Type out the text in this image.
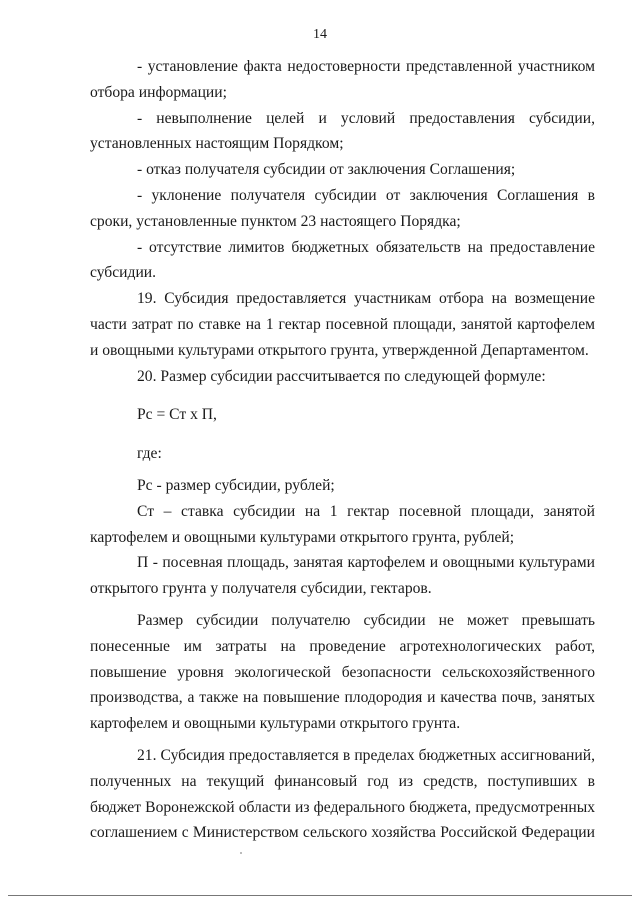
14

- установление факта недостоверности представленной участником отбора информации;

- невыполнение целей и условий предоставления субсидии, установленных настоящим Порядком;

- отказ получателя субсидии от заключения Соглашения;

- уклонение получателя субсидии от заключения Соглашения в сроки, установленные пунктом 23 настоящего Порядка;

- отсутствие лимитов бюджетных обязательств на предоставление субсидии.

19. Субсидия предоставляется участникам отбора на возмещение части затрат по ставке на 1 гектар посевной площади, занятой картофелем и овощными культурами открытого грунта, утвержденной Департаментом.

20. Размер субсидии рассчитывается по следующей формуле:

Рс = Ст х П,

где:

Рс - размер субсидии, рублей;

Ст – ставка субсидии на 1 гектар посевной площади, занятой картофелем и овощными культурами открытого грунта, рублей;

П - посевная площадь, занятая картофелем и овощными культурами открытого грунта у получателя субсидии, гектаров.

Размер субсидии получателю субсидии не может превышать понесенные им затраты на проведение агротехнологических работ, повышение уровня экологической безопасности сельскохозяйственного производства, а также на повышение плодородия и качества почв, занятых картофелем и овощными культурами открытого грунта.

21. Субсидия предоставляется в пределах бюджетных ассигнований, полученных на текущий финансовый год из средств, поступивших в бюджет Воронежской области из федерального бюджета, предусмотренных соглашением с Министерством сельского хозяйства Российской Федерации
